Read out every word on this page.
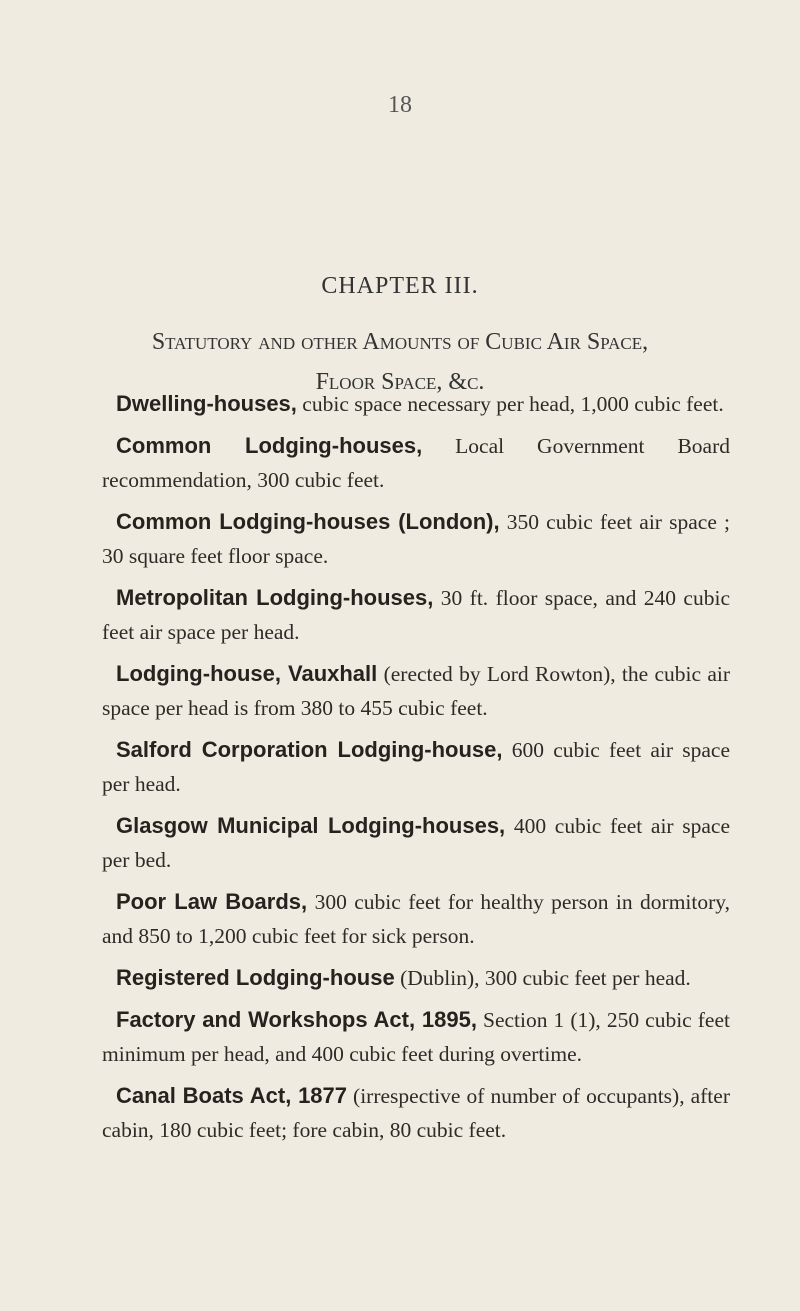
18
CHAPTER III.
Statutory and other Amounts of Cubic Air Space,
Floor Space, &c.

Dwelling-houses, cubic space necessary per head, 1,000 cubic feet.

Common Lodging-houses, Local Government Board recommendation, 300 cubic feet.

Common Lodging-houses (London), 350 cubic feet air space ; 30 square feet floor space.

Metropolitan Lodging-houses, 30 ft. floor space, and 240 cubic feet air space per head.

Lodging-house, Vauxhall (erected by Lord Rowton), the cubic air space per head is from 380 to 455 cubic feet.

Salford Corporation Lodging-house, 600 cubic feet air space per head.

Glasgow Municipal Lodging-houses, 400 cubic feet air space per bed.

Poor Law Boards, 300 cubic feet for healthy person in dormitory, and 850 to 1,200 cubic feet for sick person.

Registered Lodging-house (Dublin), 300 cubic feet per head.

Factory and Workshops Act, 1895, Section 1 (1), 250 cubic feet minimum per head, and 400 cubic feet during overtime.

Canal Boats Act, 1877 (irrespective of number of occupants), after cabin, 180 cubic feet; fore cabin, 80 cubic feet.
